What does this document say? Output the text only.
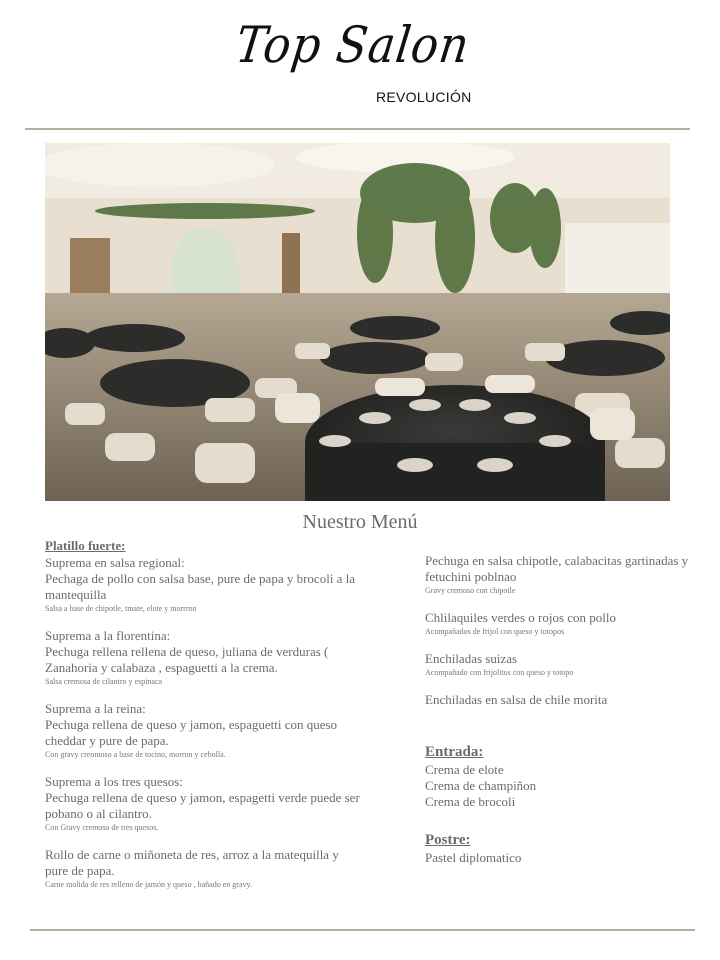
Top Salon
REVOLUCIÓN
Nuestro Menú
Platillo fuerte:
Suprema en salsa regional:
Pechaga de pollo con salsa base, pure de papa y brocoli a la mantequilla
Salsa a base de chipotle, tmate, elote y morrron
Suprema a la florentina:
Pechuga rellena rellena de queso, juliana de verduras ( Zanahoria y calabaza , espaguetti a la crema.
Salsa cremosa de cilantro y espinaca
Suprema a la reina:
Pechuga rellena de queso y jamon, espaguetti con queso cheddar y pure de papa.
Con gravy creomoso a base de tocino, morron y cebolla.
Suprema a los tres quesos:
Pechuga rellena de queso y jamon, espagetti verde puede ser pobano o al cilantro.
Con Gravy cremoso de tres quesos.
Rollo de carne o miñoneta de res, arroz a la matequilla y pure de papa.
Carne molida de res relleno de jamón y queso , bañado en gravy.
Pechuga en salsa chipotle, calabacitas gartinadas y fetuchini poblnao
Gravy cremoso con chipotle
Chlilaquiles verdes o rojos con pollo
Acompañados de frijol con queso y totopos
Enchiladas suizas
Acompañado con frijolitos con queso y totopo
Enchiladas en salsa de chile morita
Entrada:
Crema de elote
Crema de champiñon
Crema de brocoli
Postre:
Pastel diplomatico
